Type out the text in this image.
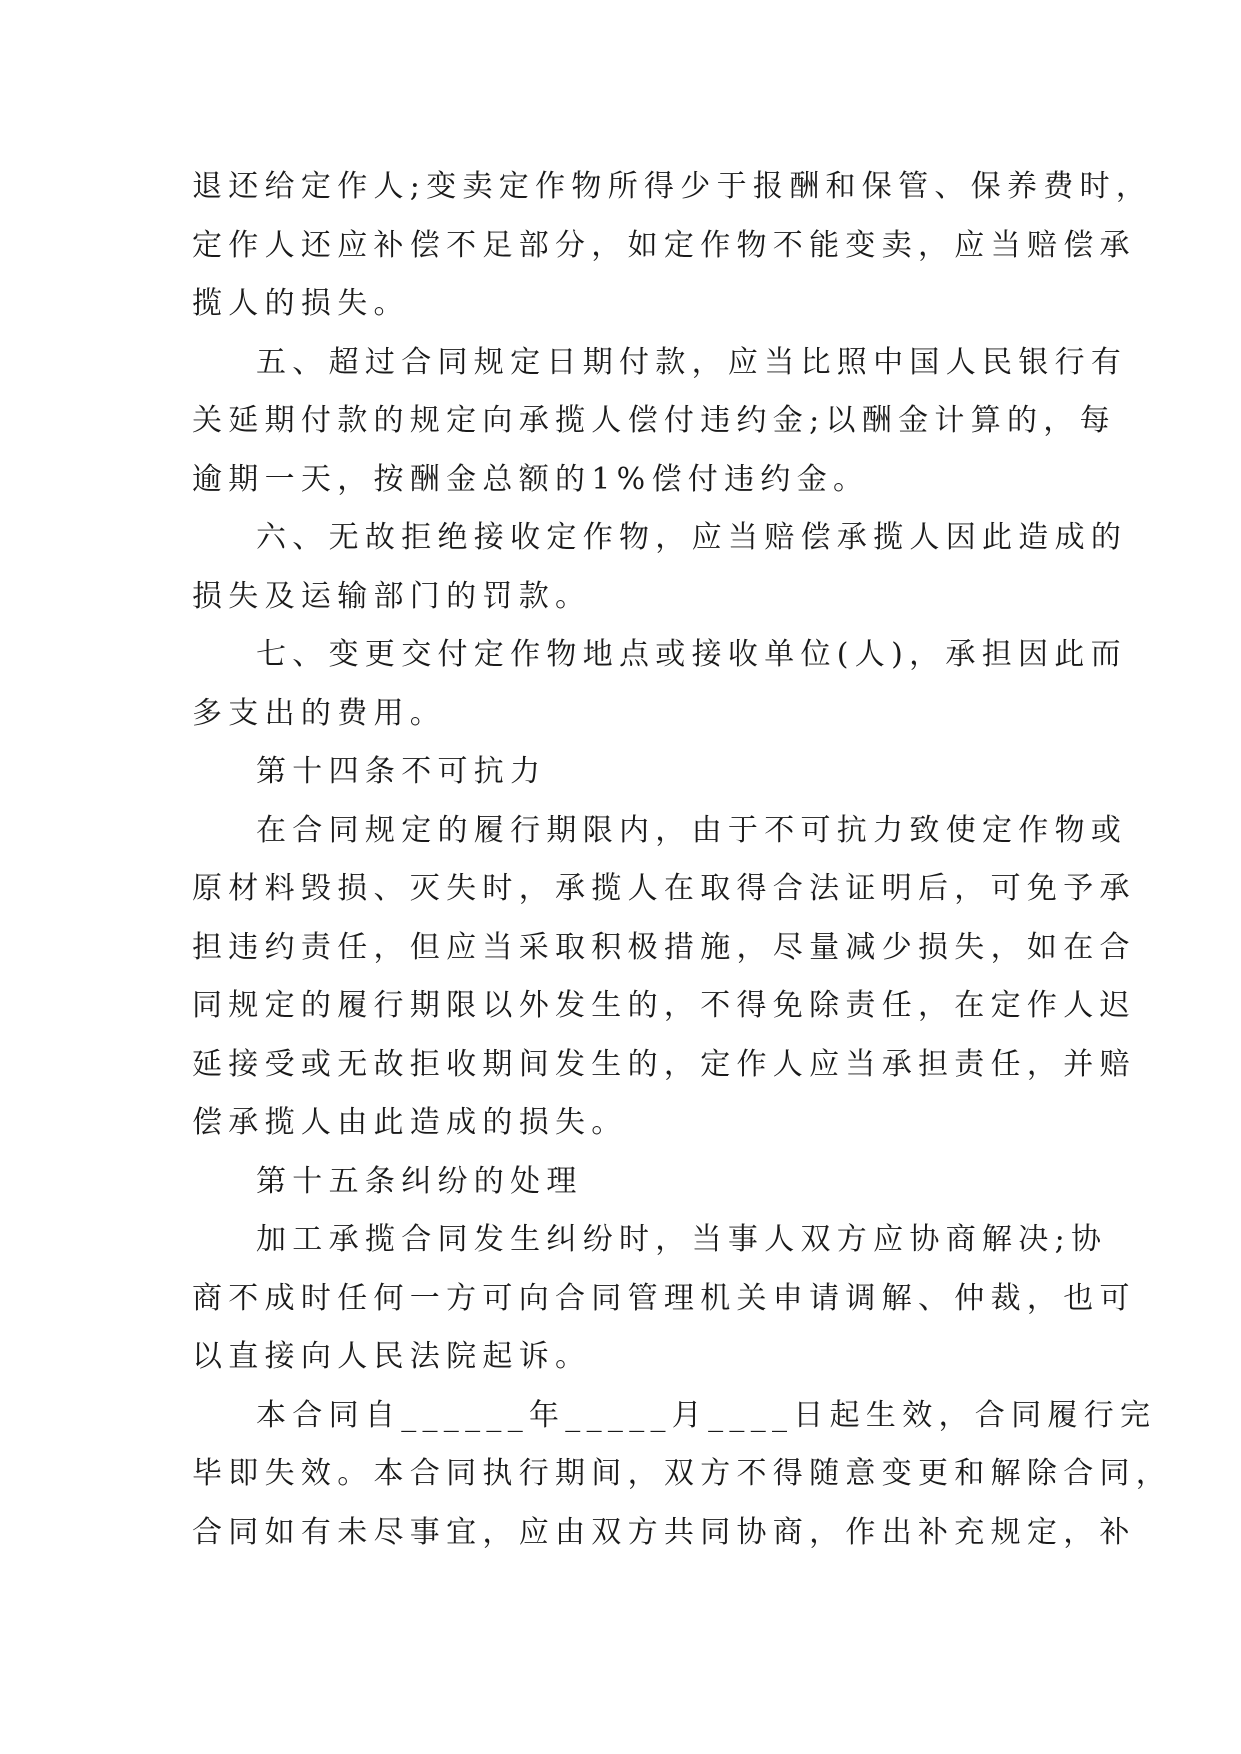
退还给定作人;变卖定作物所得少于报酬和保管、保养费时，
定作人还应补偿不足部分，如定作物不能变卖，应当赔偿承
揽人的损失。
五、超过合同规定日期付款，应当比照中国人民银行有
关延期付款的规定向承揽人偿付违约金;以酬金计算的，每
逾期一天，按酬金总额的1%偿付违约金。
六、无故拒绝接收定作物，应当赔偿承揽人因此造成的
损失及运输部门的罚款。
七、变更交付定作物地点或接收单位(人)，承担因此而
多支出的费用。
第十四条不可抗力
在合同规定的履行期限内，由于不可抗力致使定作物或
原材料毁损、灭失时，承揽人在取得合法证明后，可免予承
担违约责任，但应当采取积极措施，尽量减少损失，如在合
同规定的履行期限以外发生的，不得免除责任，在定作人迟
延接受或无故拒收期间发生的，定作人应当承担责任，并赔
偿承揽人由此造成的损失。
第十五条纠纷的处理
加工承揽合同发生纠纷时，当事人双方应协商解决;协
商不成时任何一方可向合同管理机关申请调解、仲裁，也可
以直接向人民法院起诉。
本合同自______年_____月____日起生效，合同履行完
毕即失效。本合同执行期间，双方不得随意变更和解除合同，
合同如有未尽事宜，应由双方共同协商，作出补充规定，补
